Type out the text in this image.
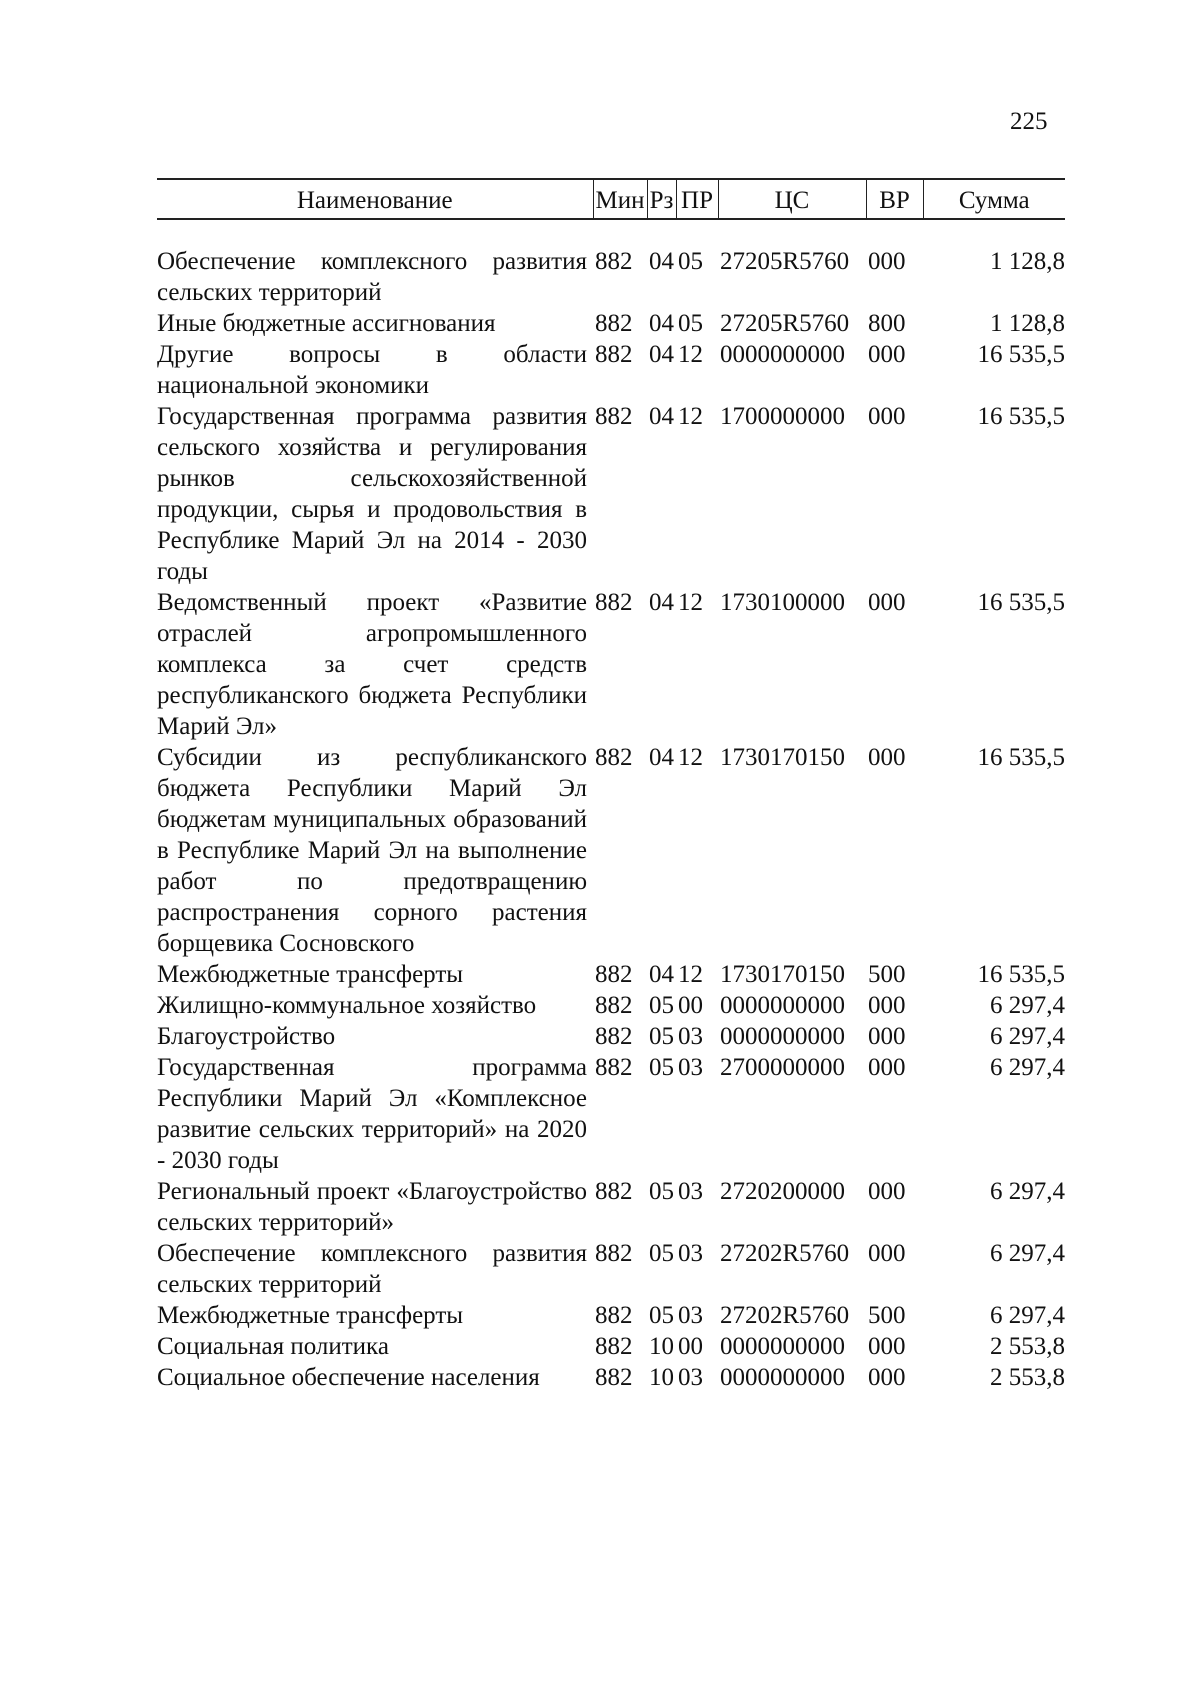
225
Наименование	Мин	Рз	ПР	ЦС	ВР	Сумма

Обеспечение комплексного развития сельских территорий	882	04	05	27205R5760	000	1 128,8
Иные бюджетные ассигнования	882	04	05	27205R5760	800	1 128,8
Другие вопросы в области национальной экономики	882	04	12	0000000000	000	16 535,5
Государственная программа развития сельского хозяйства и регулирования рынков сельскохозяйственной продукции, сырья и продовольствия в Республике Марий Эл на 2014 - 2030 годы	882	04	12	1700000000	000	16 535,5
Ведомственный проект «Развитие отраслей агропромышленного комплекса за счет средств республиканского бюджета Республики Марий Эл»	882	04	12	1730100000	000	16 535,5
Субсидии из республиканского бюджета Республики Марий Эл бюджетам муниципальных образований в Республике Марий Эл на выполнение работ по предотвращению распространения сорного растения борщевика Сосновского	882	04	12	1730170150	000	16 535,5
Межбюджетные трансферты	882	04	12	1730170150	500	16 535,5
Жилищно-коммунальное хозяйство	882	05	00	0000000000	000	6 297,4
Благоустройство	882	05	03	0000000000	000	6 297,4
Государственная программа Республики Марий Эл «Комплексное развитие сельских территорий» на 2020 - 2030 годы	882	05	03	2700000000	000	6 297,4
Региональный проект «Благоустройство сельских территорий»	882	05	03	2720200000	000	6 297,4
Обеспечение комплексного развития сельских территорий	882	05	03	27202R5760	000	6 297,4
Межбюджетные трансферты	882	05	03	27202R5760	500	6 297,4
Социальная политика	882	10	00	0000000000	000	2 553,8
Социальное обеспечение населения	882	10	03	0000000000	000	2 553,8
